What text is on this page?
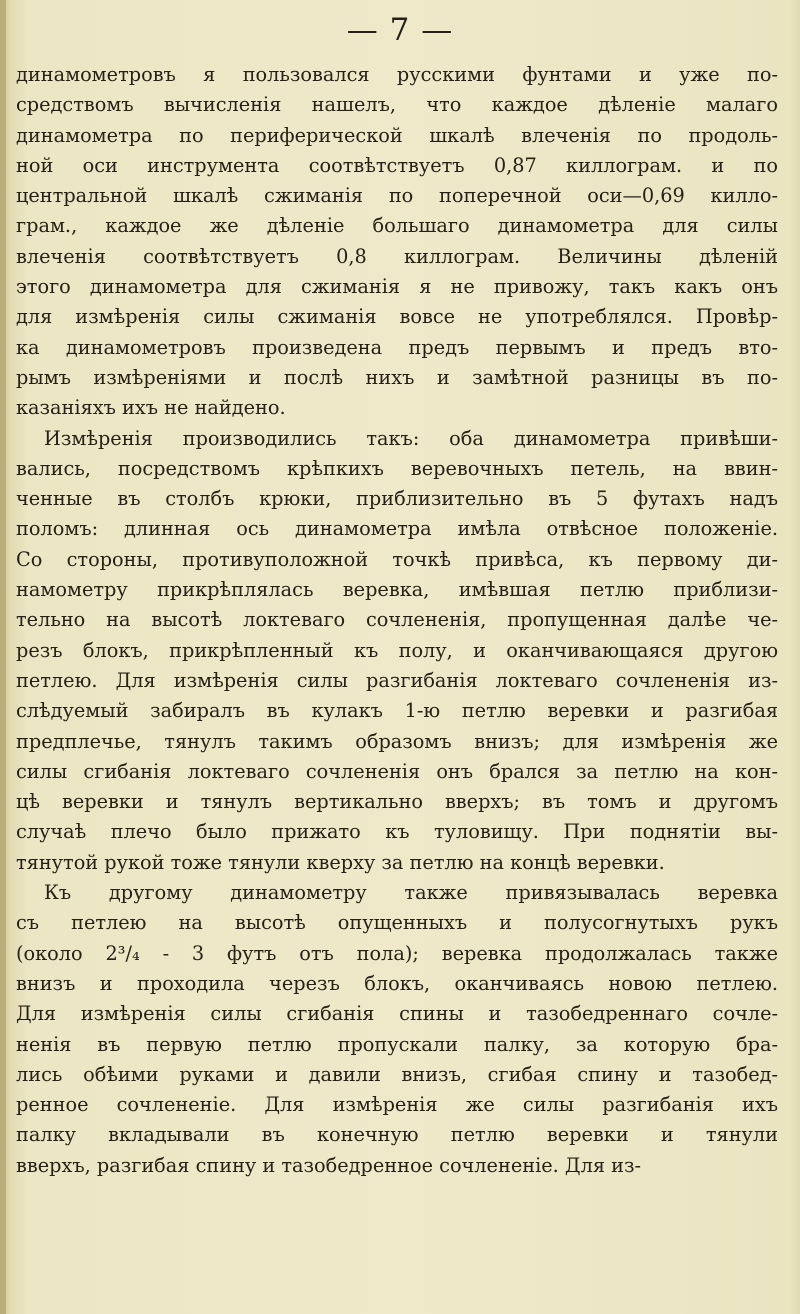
— 7 —
динамометровъ я пользовался русскими фунтами и уже по-
средствомъ вычисленія нашелъ, что каждое дѣленіе малаго
динамометра по периферической шкалѣ влеченія по продоль-
ной оси инструмента соотвѣтствуетъ 0,87 киллограм. и по
центральной шкалѣ сжиманія по поперечной оси—0,69 килло-
грам., каждое же дѣленіе большаго динамометра для силы
влеченія соотвѣтствуетъ 0,8 киллограм. Величины дѣленій
этого динамометра для сжиманія я не привожу, такъ какъ онъ
для измѣренія силы сжиманія вовсе не употреблялся. Провѣр-
ка динамометровъ произведена предъ первымъ и предъ вто-
рымъ измѣреніями и послѣ нихъ и замѣтной разницы въ по-
казаніяхъ ихъ не найдено.
Измѣренія производились такъ: оба динамометра привѣши-
вались, посредствомъ крѣпкихъ веревочныхъ петель, на ввин-
ченные въ столбъ крюки, приблизительно въ 5 футахъ надъ
поломъ: длинная ось динамометра имѣла отвѣсное положеніе.
Со стороны, противуположной точкѣ привѣса, къ первому ди-
намометру прикрѣплялась веревка, имѣвшая петлю приблизи-
тельно на высотѣ локтеваго сочлененія, пропущенная далѣе че-
резъ блокъ, прикрѣпленный къ полу, и оканчивающаяся другою
петлею. Для измѣренія силы разгибанія локтеваго сочлененія из-
слѣдуемый забиралъ въ кулакъ 1-ю петлю веревки и разгибая
предплечье, тянулъ такимъ образомъ внизъ; для измѣренія же
силы сгибанія локтеваго сочлененія онъ брался за петлю на кон-
цѣ веревки и тянулъ вертикально вверхъ; въ томъ и другомъ
случаѣ плечо было прижато къ туловищу. При поднятіи вы-
тянутой рукой тоже тянули кверху за петлю на концѣ веревки.
Къ другому динамометру также привязывалась веревка
съ петлею на высотѣ опущенныхъ и полусогнутыхъ рукъ
(около 2³/₄ - 3 футъ отъ пола); веревка продолжалась также
внизъ и проходила черезъ блокъ, оканчиваясь новою петлею.
Для измѣренія силы сгибанія спины и тазобедреннаго сочле-
ненія въ первую петлю пропускали палку, за которую бра-
лись обѣими руками и давили внизъ, сгибая спину и тазобед-
ренное сочлененіе. Для измѣренія же силы разгибанія ихъ
палку вкладывали въ конечную петлю веревки и тянули
вверхъ, разгибая спину и тазобедренное сочлененіе. Для из-
